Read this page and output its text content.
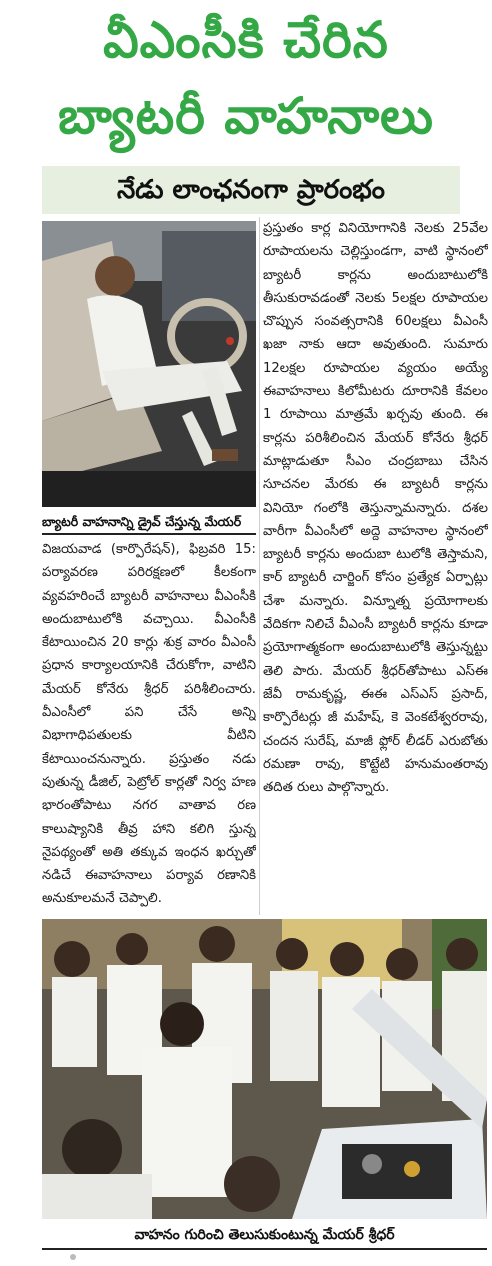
వీఎంసీకి చేరిన
బ్యాటరీ వాహనాలు
నేడు లాంఛనంగా ప్రారంభం
బ్యాటరీ వాహనాన్ని డ్రైవ్ చేస్తున్న మేయర్

విజయవాడ (కార్పొరేషన్), ఫిబ్రవరి 15: పర్యావరణ పరిరక్షణలో కీలకంగా వ్యవహరించే బ్యాటరీ వాహనాలు వీఎంసీకి అందుబాటులోకి వచ్చాయి. వీఎంసీకి కేటాయించిన 20 కార్లు శుక్ర వారం వీఎంసీ ప్రధాన కార్యాలయానికి చేరుకోగా, వాటిని మేయర్ కోనేరు శ్రీధర్ పరిశీలించారు. వీఎంసీలో పని చేసే అన్ని విభాగాధిపతులకు వీటిని కేటాయించనున్నారు. ప్రస్తుతం నడు పుతున్న డీజిల్, పెట్రోల్ కార్లతో నిర్వ హణ భారంతోపాటు నగర వాతావ రణ కాలుష్యానికి తీవ్ర హాని కలిగి స్తున్న నైపథ్యంతో అతి తక్కువ ఇంధన ఖర్చుతో నడిచే ఈవాహనాలు పర్యావ రణానికి అనుకూలమనే చెప్పాలి.

ప్రస్తుతం కార్ల వినియోగానికి నెలకు 25వేల రూపాయలను చెల్లిస్తుండగా, వాటి స్థానంలో బ్యాటరీ కార్లను అందుబాటులోకి తీసుకురావడంతో నెలకు 5లక్షల రూపాయల చొప్పున సంవత్సరానికి 60లక్షలు వీఎంసీ ఖజా నాకు ఆదా అవుతుంది. సుమారు 12లక్షల రూపాయల వ్యయం అయ్యే ఈవాహనాలు కిలోమీటరు దూరానికి కేవలం 1 రూపాయి మాత్రమే ఖర్చవు తుంది. ఈ కార్లను పరిశీలించిన మేయర్ కోనేరు శ్రీధర్ మాట్లాడుతూ సీఎం చంద్రబాబు చేసిన సూచనల మేరకు ఈ బ్యాటరీ కార్లను వినియో గంలోకి తెస్తున్నామన్నారు. దశల వారీగా వీఎంసీలో అద్దె వాహనాల స్థానంలో బ్యాటరీ కార్లను అందుబా టులోకి తెస్తామని, కార్ బ్యాటరీ చార్జింగ్ కోసం ప్రత్యేక ఏర్పాట్లు చేశా మన్నారు. విన్నూత్న ప్రయోగాలకు వేదికగా నిలిచే వీఎంసీ బ్యాటరీ కార్లను కూడా ప్రయోగాత్మకంగా అందుబాటులోకి తెస్తున్నట్టు తెలి పారు. మేయర్ శ్రీధర్‌తోపాటు ఎస్ఈ జేవీ రామకృష్ణ, ఈఈ ఎస్ఎస్ ప్రసాద్, కార్పొరేటర్లు జీ మహేష్, కె వెంకటేశ్వరరావు, చందన సురేష్, మాజీ ఫ్లోర్ లీడర్ ఎరుబోతు రమణా రావు, కొట్టేటి హనుమంతరావు తదిత రులు పాల్గొన్నారు.

వాహనం గురించి తెలుసుకుంటున్న మేయర్ శ్రీధర్
